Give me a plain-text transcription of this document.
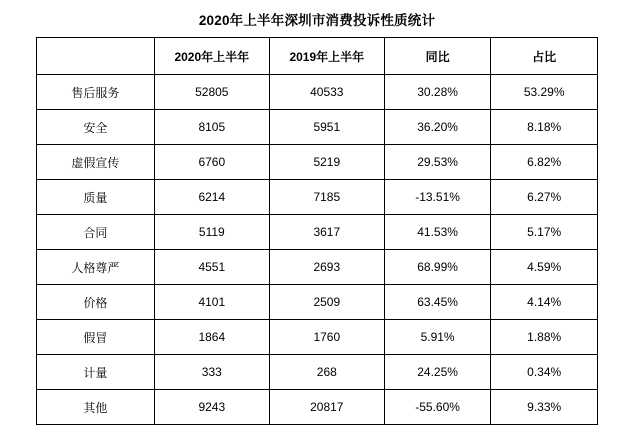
2020年上半年深圳市消费投诉性质统计
	2020年上半年	2019年上半年	同比	占比
售后服务	52805	40533	30.28%	53.29%
安全	8105	5951	36.20%	8.18%
虚假宣传	6760	5219	29.53%	6.82%
质量	6214	7185	-13.51%	6.27%
合同	5119	3617	41.53%	5.17%
人格尊严	4551	2693	68.99%	4.59%
价格	4101	2509	63.45%	4.14%
假冒	1864	1760	5.91%	1.88%
计量	333	268	24.25%	0.34%
其他	9243	20817	-55.60%	9.33%
